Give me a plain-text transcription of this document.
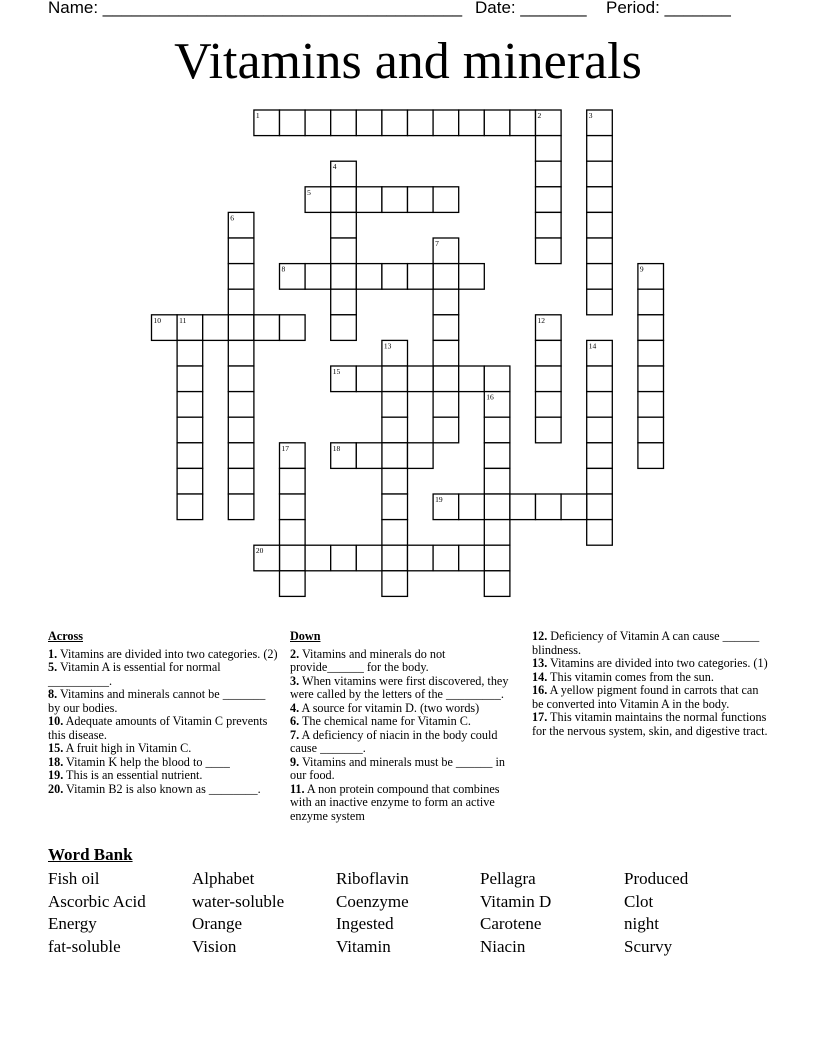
Name: ______________________________________ Date: _______ Period: _______
Vitamins and minerals
1	2	3
4
5
6
7
8	9
10 11	12
13	14
15
16
17	18
19
20
Across

1. Vitamins are divided into two categories. (2)

5. Vitamin A is essential for normal __________.

8. Vitamins and minerals cannot be _______ by our bodies.

10. Adequate amounts of Vitamin C prevents this disease.

15. A fruit high in Vitamin C.

18. Vitamin K help the blood to ____

19. This is an essential nutrient.

20. Vitamin B2 is also known as ________.

Down

2. Vitamins and minerals do not provide______ for the body.

3. When vitamins were first discovered, they were called by the letters of the _________.

4. A source for vitamin D. (two words)

6. The chemical name for Vitamin C.

7. A deficiency of niacin in the body could cause _______.

9. Vitamins and minerals must be ______ in our food.

11. A non protein compound that combines with an inactive enzyme to form an active enzyme system

12. Deficiency of Vitamin A can cause ______ blindness.

13. Vitamins are divided into two categories. (1)

14. This vitamin comes from the sun.

16. A yellow pigment found in carrots that can be converted into Vitamin A in the body.

17. This vitamin maintains the normal functions for the nervous system, skin, and digestive tract.

Word Bank
Fish oil	Alphabet	Riboflavin	Pellagra	Produced
Ascorbic Acid	water-soluble	Coenzyme	Vitamin D	Clot
Energy	Orange	Ingested	Carotene	night
fat-soluble	Vision	Vitamin	Niacin	Scurvy
